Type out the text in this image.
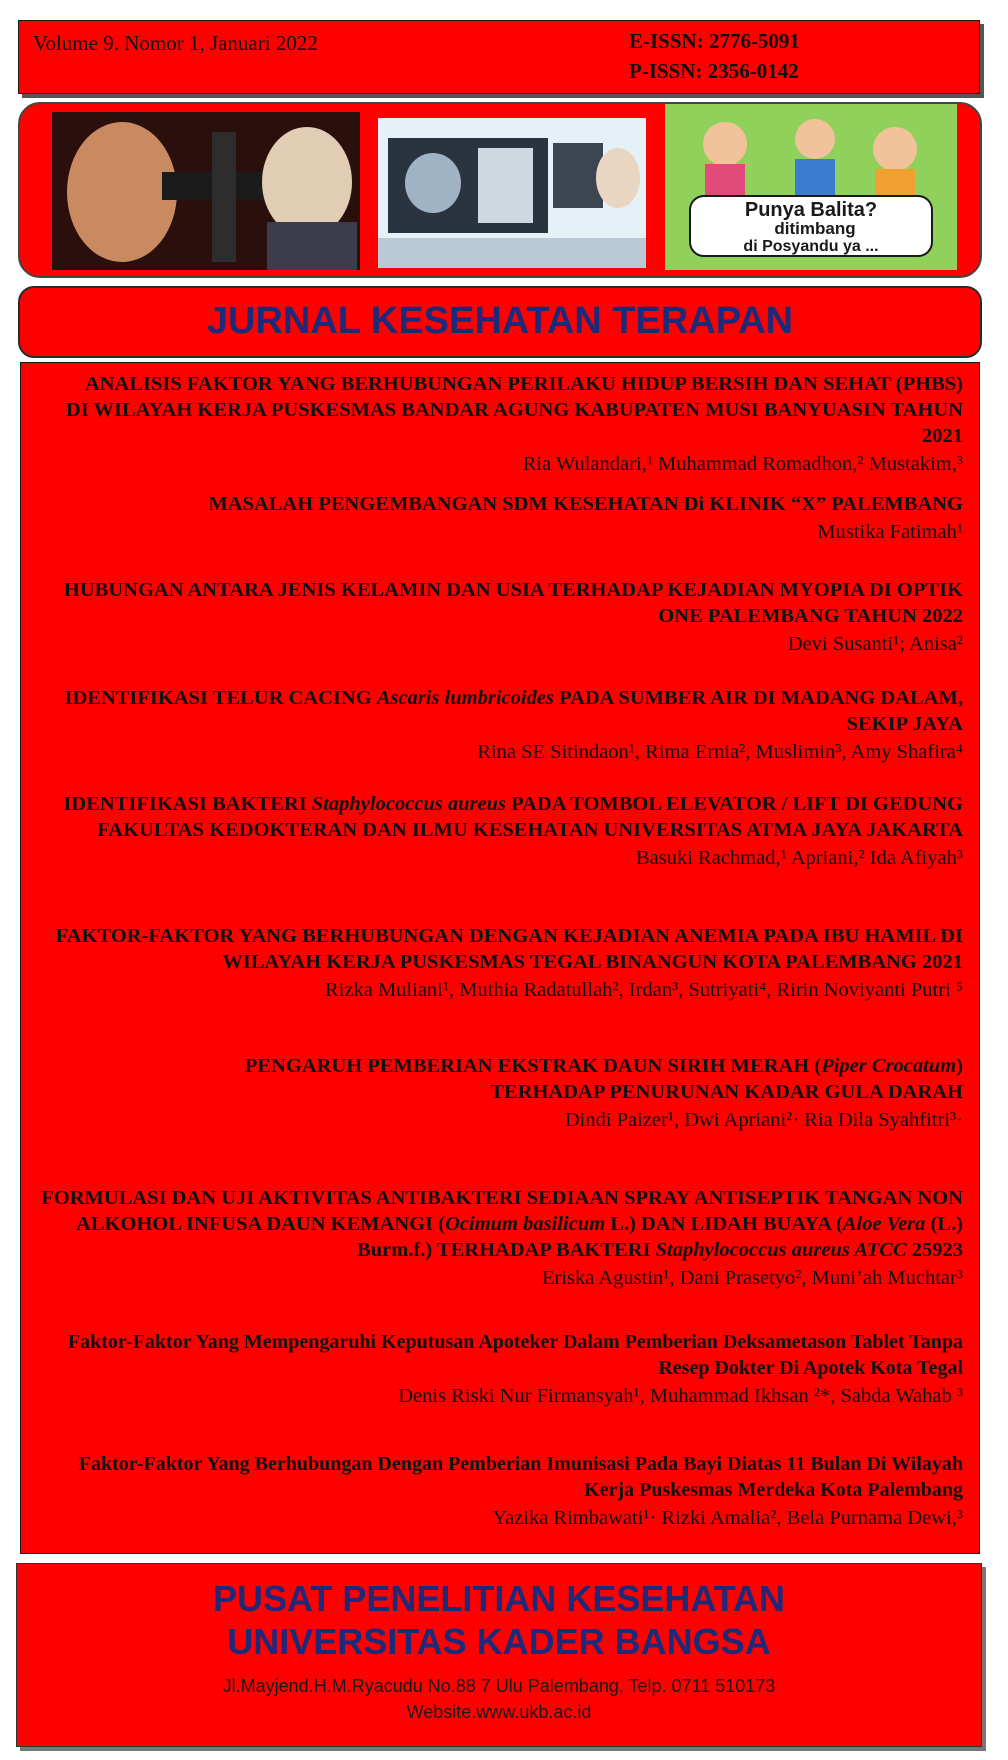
Volume 9. Nomor 1, Januari 2022	E-ISSN: 2776-5091
P-ISSN: 2356-0142
Punya Balita?
ditimbang
di Posyandu ya ...
JURNAL KESEHATAN TERAPAN
ANALISIS FAKTOR YANG BERHUBUNGAN PERILAKU HIDUP BERSIH DAN SEHAT (PHBS) DI WILAYAH KERJA PUSKESMAS BANDAR AGUNG KABUPATEN MUSI BANYUASIN TAHUN 2021
Ria Wulandari,¹ Muhammad Romadhon,² Mustakim,³
MASALAH PENGEMBANGAN SDM KESEHATAN Di KLINIK “X” PALEMBANG
Mustika Fatimah¹
HUBUNGAN ANTARA JENIS KELAMIN DAN USIA TERHADAP KEJADIAN MYOPIA DI OPTIK ONE PALEMBANG TAHUN 2022
Devi Susanti¹; Anisa²
IDENTIFIKASI TELUR CACING Ascaris lumbricoides PADA SUMBER AIR DI MADANG DALAM, SEKIP JAYA
Rina SE Sitindaon¹, Rima Ernia², Muslimin³, Amy Shafira⁴
IDENTIFIKASI BAKTERI Staphylococcus aureus PADA TOMBOL ELEVATOR / LIFT DI GEDUNG FAKULTAS KEDOKTERAN DAN ILMU KESEHATAN UNIVERSITAS ATMA JAYA JAKARTA
Basuki Rachmad,¹ Apriani,² Ida Afiyah³
FAKTOR-FAKTOR YANG BERHUBUNGAN DENGAN KEJADIAN ANEMIA PADA IBU HAMIL DI WILAYAH KERJA PUSKESMAS TEGAL BINANGUN KOTA PALEMBANG 2021
Rizka Muliani¹, Muthia Radatullah², Irdan³, Sutriyati⁴, Ririn Noviyanti Putri ⁵
PENGARUH PEMBERIAN EKSTRAK DAUN SIRIH MERAH (Piper Crocatum) TERHADAP PENURUNAN KADAR GULA DARAH
Dindi Paizer¹, Dwi Apriani²· Ria Dila Syahfitri³·
FORMULASI DAN UJI AKTIVITAS ANTIBAKTERI SEDIAAN SPRAY ANTISEPTIK TANGAN NON ALKOHOL INFUSA DAUN KEMANGI (Ocimum basilicum L.) DAN LIDAH BUAYA (Aloe Vera (L.) Burm.f.) TERHADAP BAKTERI Staphylococcus aureus ATCC 25923
Eriska Agustin¹, Dani Prasetyo², Muni’ah Muchtar³
Faktor-Faktor Yang Mempengaruhi Keputusan Apoteker Dalam Pemberian Deksametason Tablet Tanpa Resep Dokter Di Apotek Kota Tegal
Denis Riski Nur Firmansyah¹, Muhammad Ikhsan ²*, Sabda Wahab ³
Faktor-Faktor Yang Berhubungan Dengan Pemberian Imunisasi Pada Bayi Diatas 11 Bulan Di Wilayah Kerja Puskesmas Merdeka Kota Palembang
Yazika Rimbawati¹· Rizki Amalia², Bela Purnama Dewi,³
PUSAT PENELITIAN KESEHATAN
UNIVERSITAS KADER BANGSA
Jl.Mayjend.H.M.Ryacudu No.88 7 Ulu Palembang, Telp. 0711 510173
Website.www.ukb.ac.id
